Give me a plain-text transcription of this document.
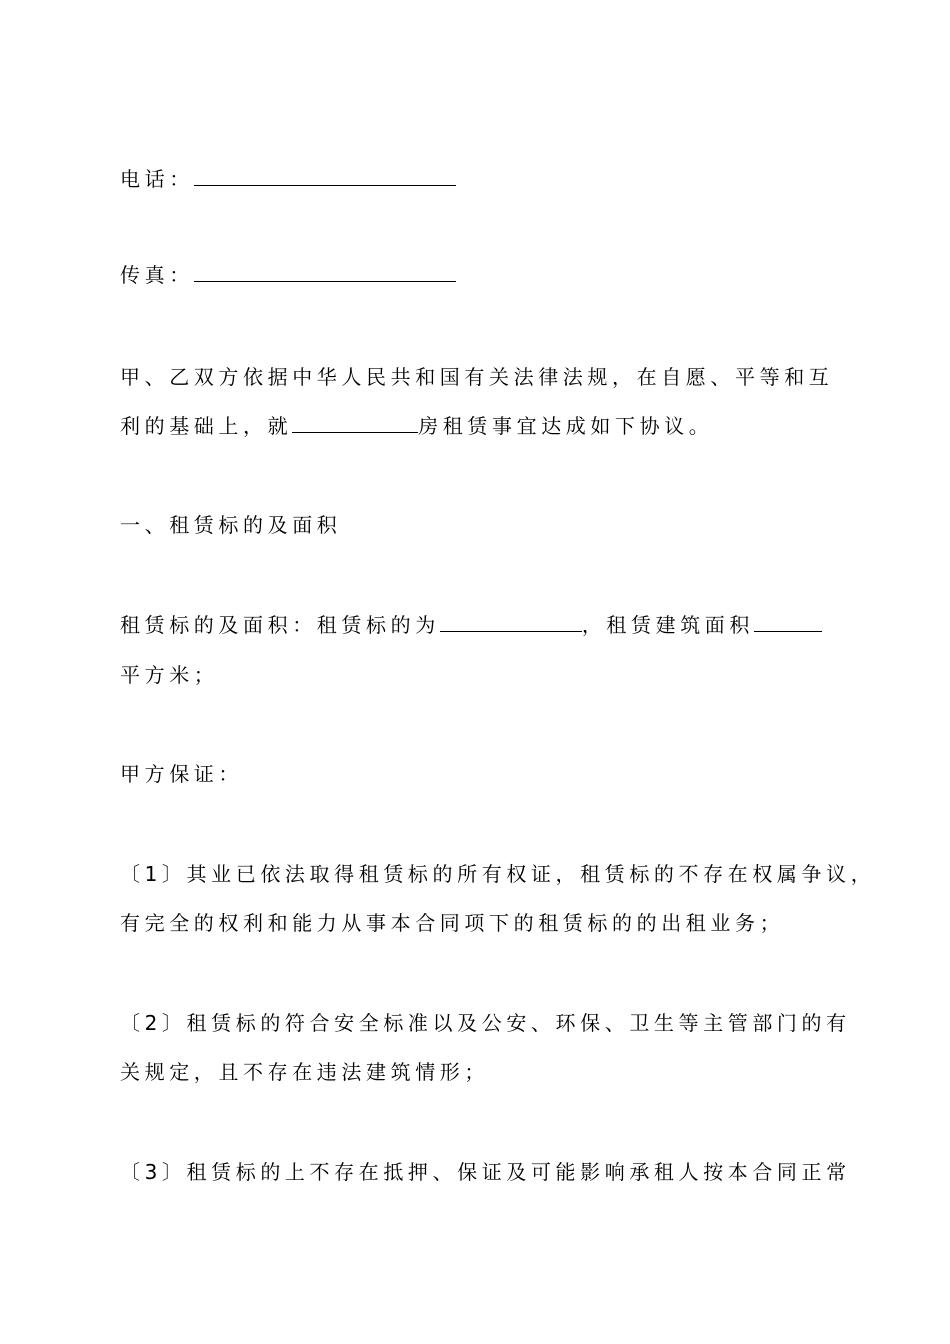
电话：

传真：

甲、乙双方依据中华人民共和国有关法律法规，在自愿、平等和互

利的基础上，就	房租赁事宜达成如下协议。

一、租赁标的及面积

租赁标的及面积：租赁标的为	，租赁建筑面积

平方米；

甲方保证：

〔1〕其业已依法取得租赁标的所有权证，租赁标的不存在权属争议，

有完全的权利和能力从事本合同项下的租赁标的的出租业务；

〔2〕租赁标的符合安全标准以及公安、环保、卫生等主管部门的有

关规定，且不存在违法建筑情形；

〔3〕租赁标的上不存在抵押、保证及可能影响承租人按本合同正常
